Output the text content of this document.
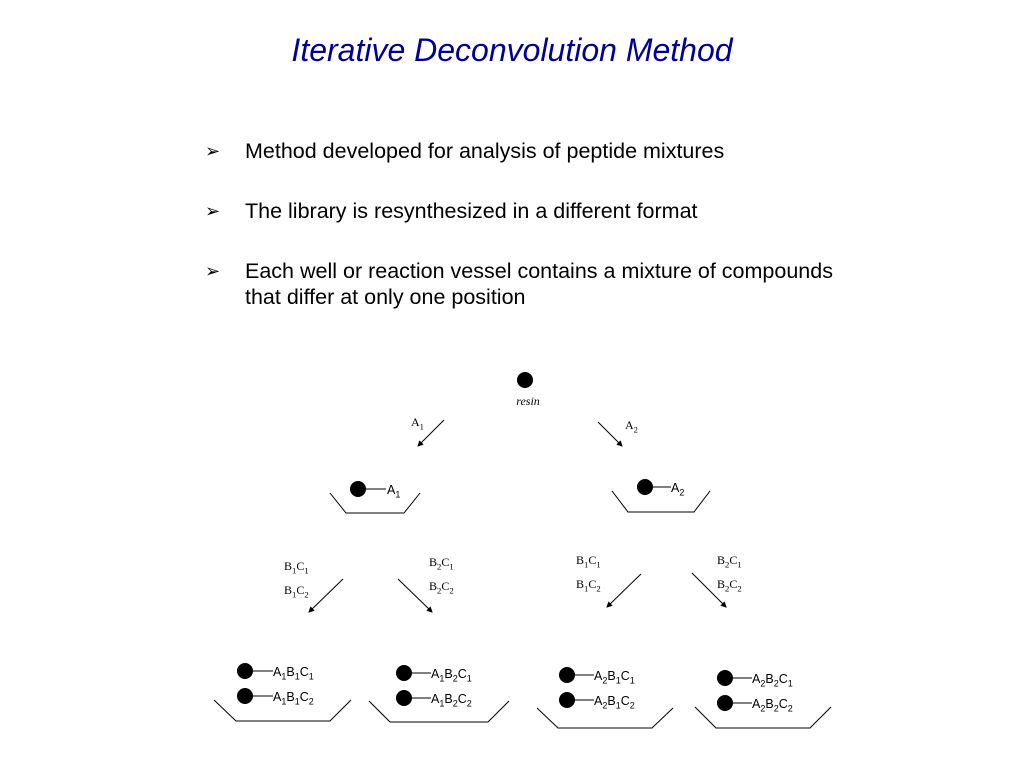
Iterative Deconvolution Method
➢	Method developed for analysis of peptide mixtures
➢	The library is resynthesized in a different format
➢	Each well or reaction vessel contains a mixture of compounds that differ at only one position
resin
$A_1$	$A_2$
$A_1$	$A_2$
$B_1C_1$
$B_1C_2$
$B_2C_1$
$B_2C_2$
$B_1C_1$
$B_1C_2$
$B_2C_1$
$B_2C_2$
$A_1B_1C_1$
$A_1B_1C_2$
$A_1B_2C_1$
$A_1B_2C_2$
$A_2B_1C_1$
$A_2B_1C_2$
$A_2B_2C_1$
$A_2B_2C_2$
